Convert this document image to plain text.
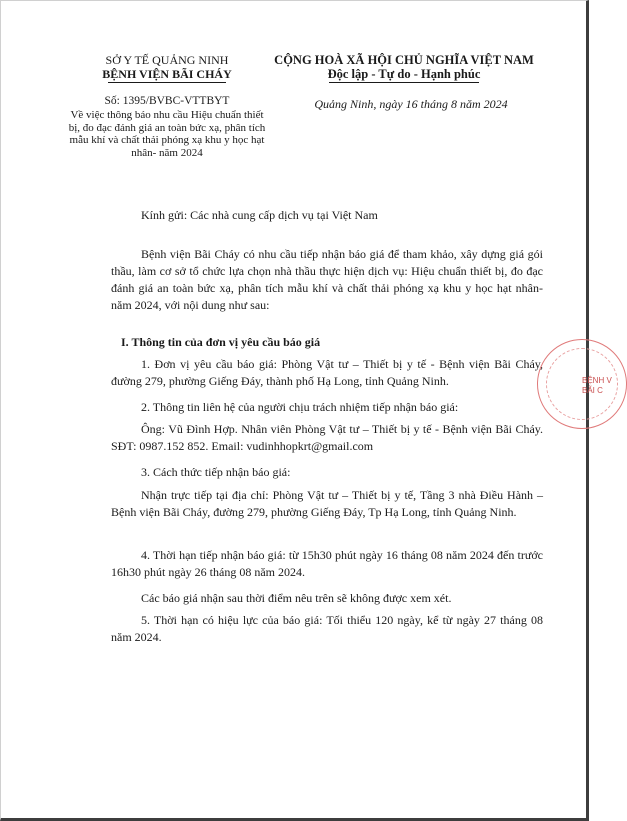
SỞ Y TẾ QUẢNG NINH
BỆNH VIỆN BÃI CHÁY
Số: 1395/BVBC-VTTBYT
Về việc thông báo nhu cầu Hiệu chuẩn thiết bị, đo đạc đánh giá an toàn bức xạ, phân tích mẫu khí và chất thải phóng xạ khu y học hạt nhân- năm 2024
CỘNG HOÀ XÃ HỘI CHỦ NGHĨA VIỆT NAM
Độc lập - Tự do - Hạnh phúc
Quảng Ninh, ngày 16 tháng 8 năm 2024
Kính gửi: Các nhà cung cấp dịch vụ tại Việt Nam
Bệnh viện Bãi Cháy có nhu cầu tiếp nhận báo giá để tham khảo, xây dựng giá gói thầu, làm cơ sở tổ chức lựa chọn nhà thầu thực hiện dịch vụ: Hiệu chuẩn thiết bị, đo đạc đánh giá an toàn bức xạ, phân tích mẫu khí và chất thải phóng xạ khu y học hạt nhân- năm 2024, với nội dung như sau:
I. Thông tin của đơn vị yêu cầu báo giá
1. Đơn vị yêu cầu báo giá: Phòng Vật tư – Thiết bị y tế - Bệnh viện Bãi Cháy, đường 279, phường Giếng Đáy, thành phố Hạ Long, tỉnh Quảng Ninh.
2. Thông tin liên hệ của người chịu trách nhiệm tiếp nhận báo giá:
Ông: Vũ Đình Hợp. Nhân viên Phòng Vật tư – Thiết bị y tế - Bệnh viện Bãi Cháy. SĐT: 0987.152 852. Email: vudinhhopkrt@gmail.com
3. Cách thức tiếp nhận báo giá:
Nhận trực tiếp tại địa chỉ: Phòng Vật tư – Thiết bị y tế, Tầng 3 nhà Điều Hành – Bệnh viện Bãi Cháy, đường 279, phường Giếng Đáy, Tp Hạ Long, tỉnh Quảng Ninh.
4. Thời hạn tiếp nhận báo giá: từ 15h30 phút ngày 16 tháng 08 năm 2024 đến trước 16h30 phút ngày 26 tháng 08 năm 2024.
Các báo giá nhận sau thời điểm nêu trên sẽ không được xem xét.
5. Thời hạn có hiệu lực của báo giá: Tối thiểu 120 ngày, kể từ ngày 27 tháng 08 năm 2024.
BỆNH V
BÃI C
